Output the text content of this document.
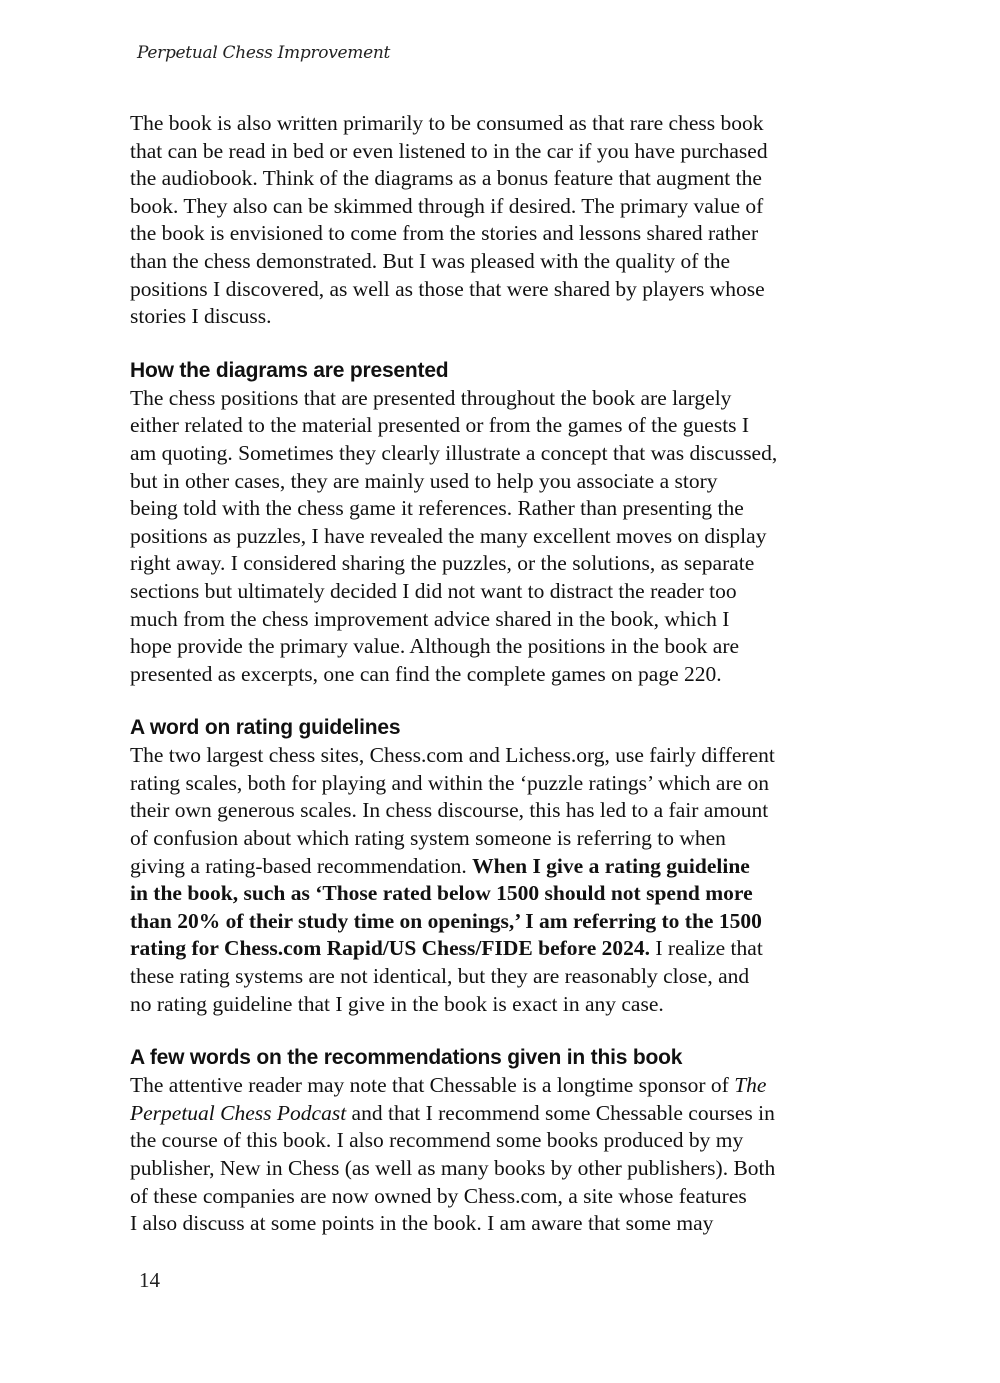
Perpetual Chess Improvement

The book is also written primarily to be consumed as that rare chess book
that can be read in bed or even listened to in the car if you have purchased
the audiobook. Think of the diagrams as a bonus feature that augment the
book. They also can be skimmed through if desired. The primary value of
the book is envisioned to come from the stories and lessons shared rather
than the chess demonstrated. But I was pleased with the quality of the
positions I discovered, as well as those that were shared by players whose
stories I discuss.

How the diagrams are presented

The chess positions that are presented throughout the book are largely
either related to the material presented or from the games of the guests I
am quoting. Sometimes they clearly illustrate a concept that was discussed,
but in other cases, they are mainly used to help you associate a story
being told with the chess game it references. Rather than presenting the
positions as puzzles, I have revealed the many excellent moves on display
right away. I considered sharing the puzzles, or the solutions, as separate
sections but ultimately decided I did not want to distract the reader too
much from the chess improvement advice shared in the book, which I
hope provide the primary value. Although the positions in the book are
presented as excerpts, one can find the complete games on page 220.

A word on rating guidelines

The two largest chess sites, Chess.com and Lichess.org, use fairly different
rating scales, both for playing and within the ‘puzzle ratings’ which are on
their own generous scales. In chess discourse, this has led to a fair amount
of confusion about which rating system someone is referring to when
giving a rating-based recommendation. When I give a rating guideline
in the book, such as ‘Those rated below 1500 should not spend more
than 20% of their study time on openings,’ I am referring to the 1500
rating for Chess.com Rapid/US Chess/FIDE before 2024. I realize that
these rating systems are not identical, but they are reasonably close, and
no rating guideline that I give in the book is exact in any case.

A few words on the recommendations given in this book

The attentive reader may note that Chessable is a longtime sponsor of The
Perpetual Chess Podcast and that I recommend some Chessable courses in
the course of this book. I also recommend some books produced by my
publisher, New in Chess (as well as many books by other publishers). Both
of these companies are now owned by Chess.com, a site whose features
I also discuss at some points in the book. I am aware that some may

14
